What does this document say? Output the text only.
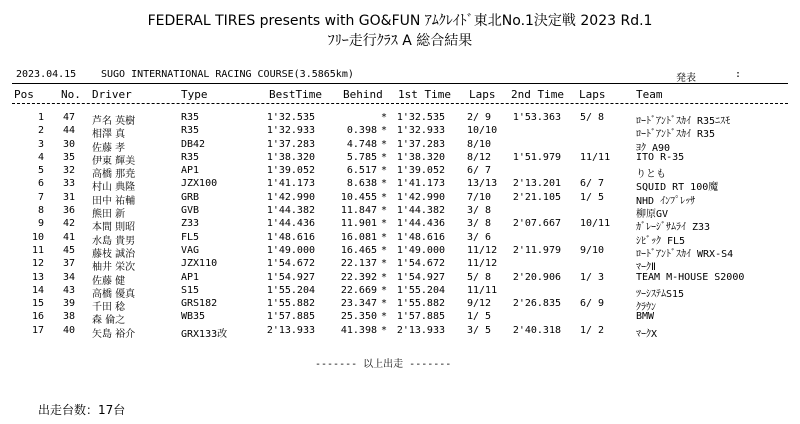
FEDERAL TIRES presents with GO&FUN ｱﾑｸﾚｲﾄﾞ東北No.1決定戦 2023 Rd.1
ﾌﾘｰ走行ｸﾗｽ A 総合結果
2023.04.15 SUGO INTERNATIONAL RACING COURSE(3.5865km)	発表	:
Pos No. Driver	Type	BestTime Behind 1st Time Laps 2nd Time Laps	Team
1	47 芦名 英樹	R35	1'32.535	* 1'32.535 2/ 9	1'53.363 5/ 8	ﾛｰﾄﾞｱﾝﾄﾞｽｶｲ R35ﾆｽﾓ
2	44 相澤 真	R35	1'32.933	0.398 * 1'32.933 10/10	ﾛｰﾄﾞｱﾝﾄﾞｽｶｲ R35
3	30 佐藤 孝	DB42	1'37.283	4.748 * 1'37.283 8/10	ﾖｸ A90
4	35 伊東 輝美	R35	1'38.320	5.785 * 1'38.320 8/12	1'51.979 11/11	ITO R-35
5	32 高橋 那尭	AP1	1'39.052	6.517 * 1'39.052 6/ 7	りとも
6	33 村山 典隆	JZX100	1'41.173	8.638 * 1'41.173 13/13	2'13.201 6/ 7	SQUID RT 100魔
7	31 田中 祐輔	GRB	1'42.990	10.455 * 1'42.990 7/10	2'21.105 1/ 5	NHD ｲﾝﾌﾟﾚｯｻ
8	36 熊田 新	GVB	1'44.382	11.847 * 1'44.382 3/ 8	柳原GV
9	42 本間 則昭	Z33	1'44.436	11.901 * 1'44.436 3/ 8	2'07.667 10/11	ｶﾞﾚｰｼﾞｻﾑﾗｲ Z33
10	41 水島 貴男	FL5	1'48.616	16.081 * 1'48.616 3/ 6	ｼﾋﾞｯｸ FL5
11	45 藤枝 誠治	VAG	1'49.000	16.465 * 1'49.000 11/12	2'11.979 9/10	ﾛｰﾄﾞｱﾝﾄﾞｽｶｲ WRX-S4
12	37 柚井 栄次	JZX110	1'54.672	22.137 * 1'54.672 11/12	ﾏｰｸⅡ
13	34 佐藤 健	AP1	1'54.927	22.392 * 1'54.927 5/ 8	2'20.906 1/ 3	TEAM M-HOUSE S2000
14	43 高橋 優真	S15	1'55.204	22.669 * 1'55.204 11/11	ﾂｰｼｽﾃﾑS15
15	39 千田 稔	GRS182	1'55.882	23.347 * 1'55.882 9/12	2'26.835 6/ 9	ｸﾗｳﾝ
16	38 森 倫之	WB35	1'57.885	25.350 * 1'57.885 1/ 5	BMW
17	40 矢島 裕介	GRX133改	2'13.933	41.398 * 2'13.933 3/ 5	2'40.318 1/ 2	ﾏｰｸX
------- 以上出走 -------
出走台数：17台
